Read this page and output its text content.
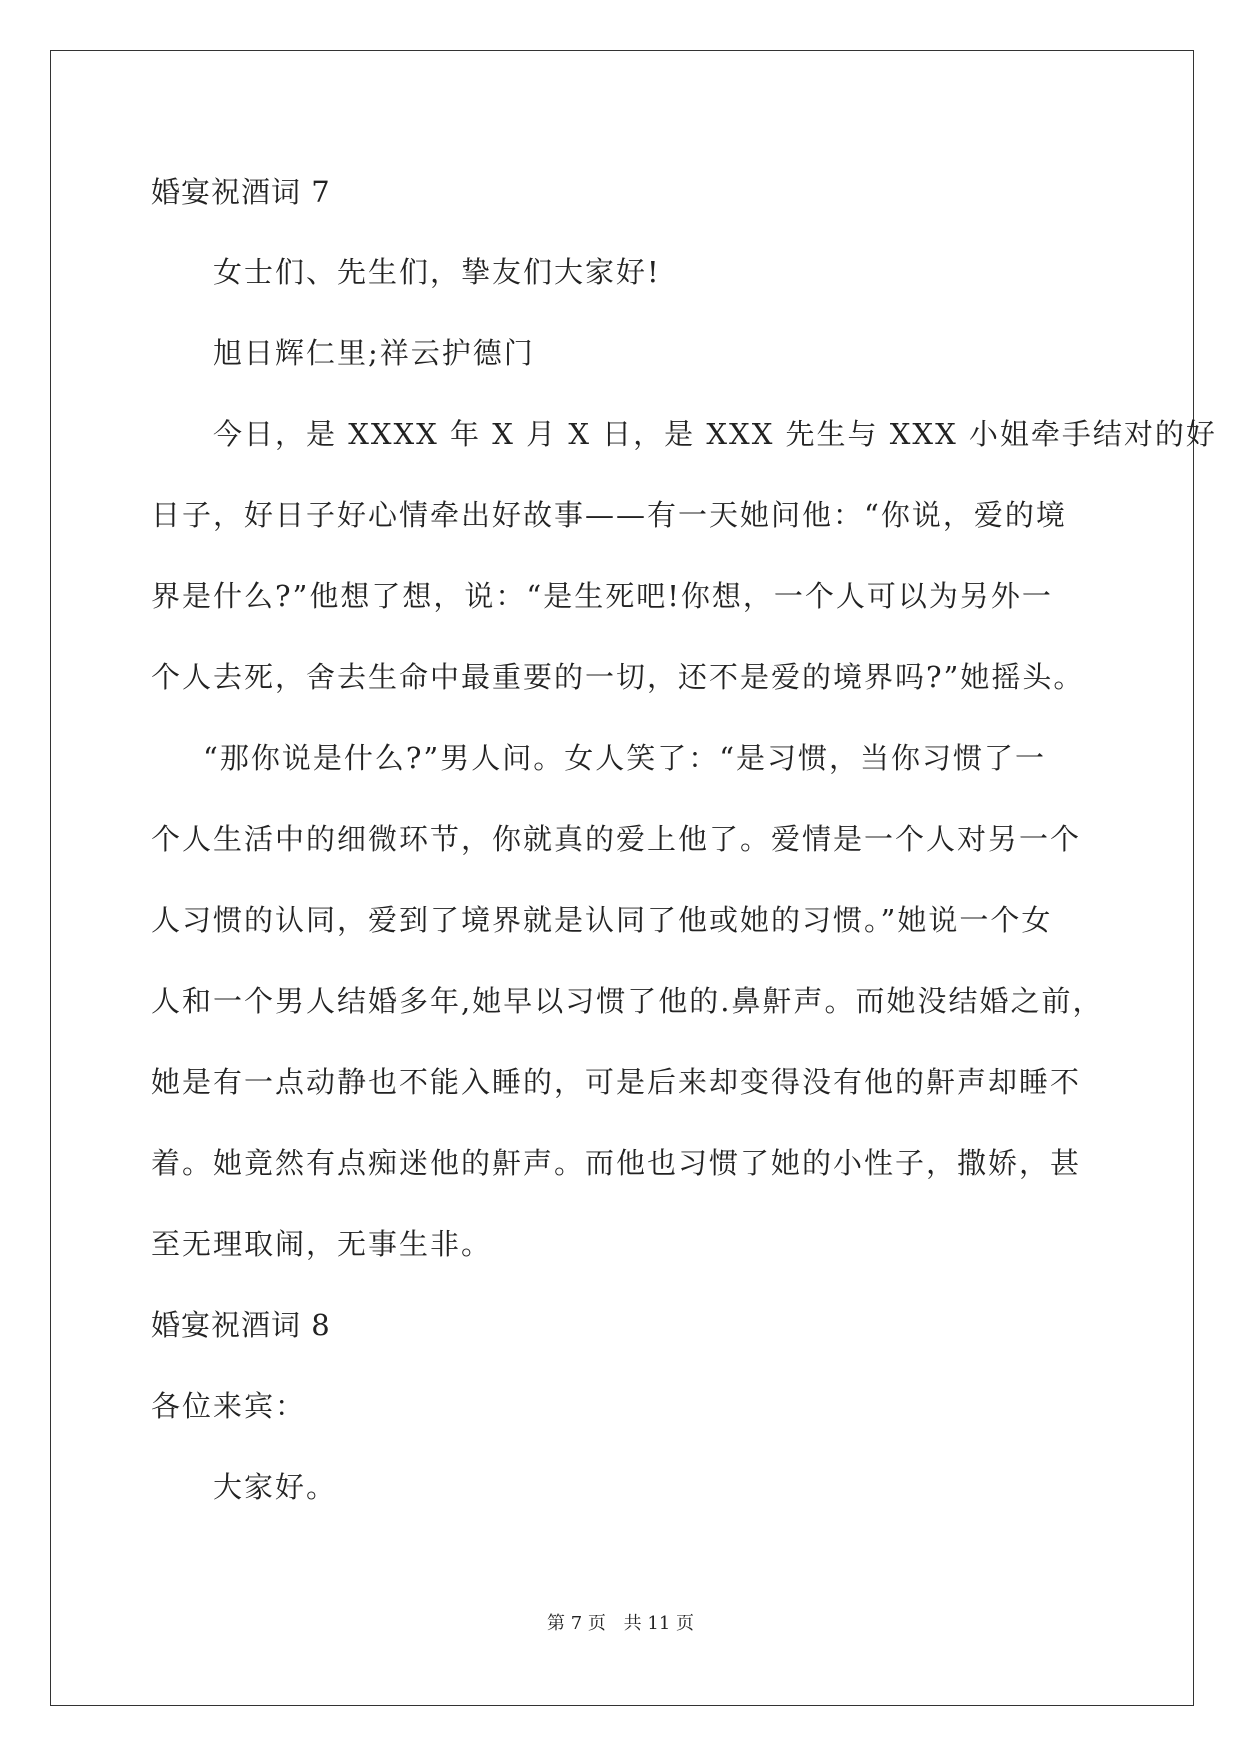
婚宴祝酒词 7
女士们、先生们，挚友们大家好!
旭日辉仁里;祥云护德门
今日，是 XXXX 年 X 月 X 日，是 XXX 先生与 XXX 小姐牵手结对的好
日子，好日子好心情牵出好故事——有一天她问他：“你说，爱的境
界是什么?”他想了想，说：“是生死吧!你想，一个人可以为另外一
个人去死，舍去生命中最重要的一切，还不是爱的境界吗?”她摇头。
“那你说是什么?”男人问。女人笑了：“是习惯，当你习惯了一
个人生活中的细微环节，你就真的爱上他了。爱情是一个人对另一个
人习惯的认同，爱到了境界就是认同了他或她的习惯。”她说一个女
人和一个男人结婚多年,她早以习惯了他的.鼻鼾声。而她没结婚之前，
她是有一点动静也不能入睡的，可是后来却变得没有他的鼾声却睡不
着。她竟然有点痴迷他的鼾声。而他也习惯了她的小性子，撒娇，甚
至无理取闹，无事生非。
婚宴祝酒词 8
各位来宾：
大家好。
第 7 页 共 11 页
